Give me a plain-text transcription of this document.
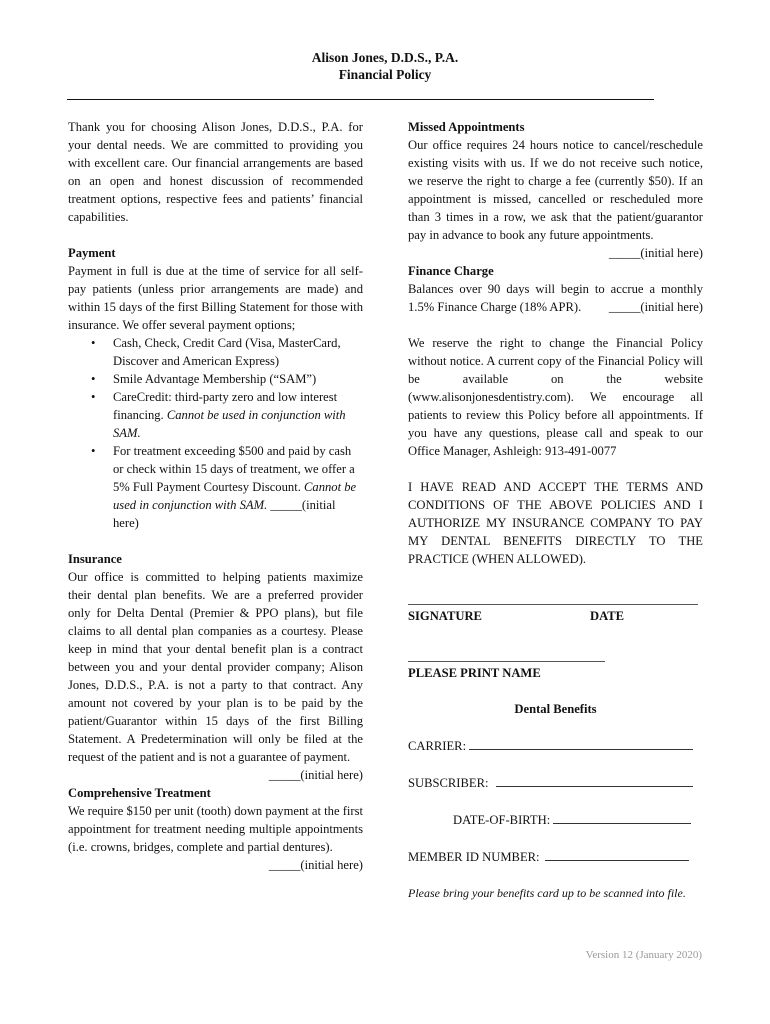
Alison Jones, D.D.S., P.A.
Financial Policy

Thank you for choosing Alison Jones, D.D.S., P.A. for your dental needs. We are committed to providing you with excellent care. Our financial arrangements are based on an open and honest discussion of recommended treatment options, respective fees and patients’ financial capabilities.

Payment

Payment in full is due at the time of service for all self-pay patients (unless prior arrangements are made) and within 15 days of the first Billing Statement for those with insurance. We offer several payment options;

• Cash, Check, Credit Card (Visa, MasterCard, Discover and American Express)
• Smile Advantage Membership (“SAM”)
• CareCredit: third-party zero and low interest financing. Cannot be used in conjunction with SAM.
• For treatment exceeding $500 and paid by cash or check within 15 days of treatment, we offer a 5% Full Payment Courtesy Discount. Cannot be used in conjunction with SAM. _____(initial here)
Insurance

Our office is committed to helping patients maximize their dental plan benefits. We are a preferred provider only for Delta Dental (Premier & PPO plans), but file claims to all dental plan companies as a courtesy. Please keep in mind that your dental benefit plan is a contract between you and your dental provider company; Alison Jones, D.D.S., P.A. is not a party to that contract. Any amount not covered by your plan is to be paid by the patient/Guarantor within 15 days of the first Billing Statement. A Predetermination will only be filed at the request of the patient and is not a guarantee of payment.
_____(initial here)

Comprehensive Treatment

We require $150 per unit (tooth) down payment at the first appointment for treatment needing multiple appointments (i.e. crowns, bridges, complete and partial dentures).
_____(initial here)

Missed Appointments

Our office requires 24 hours notice to cancel/reschedule existing visits with us. If we do not receive such notice, we reserve the right to charge a fee (currently $50). If an appointment is missed, cancelled or rescheduled more than 3 times in a row, we ask that the patient/guarantor pay in advance to book any future appointments.
_____(initial here)

Finance Charge

Balances over 90 days will begin to accrue a monthly 1.5% Finance Charge (18% APR). _____(initial here)

We reserve the right to change the Financial Policy without notice. A current copy of the Financial Policy will be available on the website (www.alisonjonesdentistry.com). We encourage all patients to review this Policy before all appointments. If you have any questions, please call and speak to our Office Manager, Ashleigh: 913-491-0077

I HAVE READ AND ACCEPT THE TERMS AND CONDITIONS OF THE ABOVE POLICIES AND I AUTHORIZE MY INSURANCE COMPANY TO PAY MY DENTAL BENEFITS DIRECTLY TO THE PRACTICE (WHEN ALLOWED).

SIGNATURE	DATE
PLEASE PRINT NAME
Dental Benefits
CARRIER:
SUBSCRIBER:
DATE-OF-BIRTH:
MEMBER ID NUMBER:

Please bring your benefits card up to be scanned into file.

Version 12 (January 2020)
